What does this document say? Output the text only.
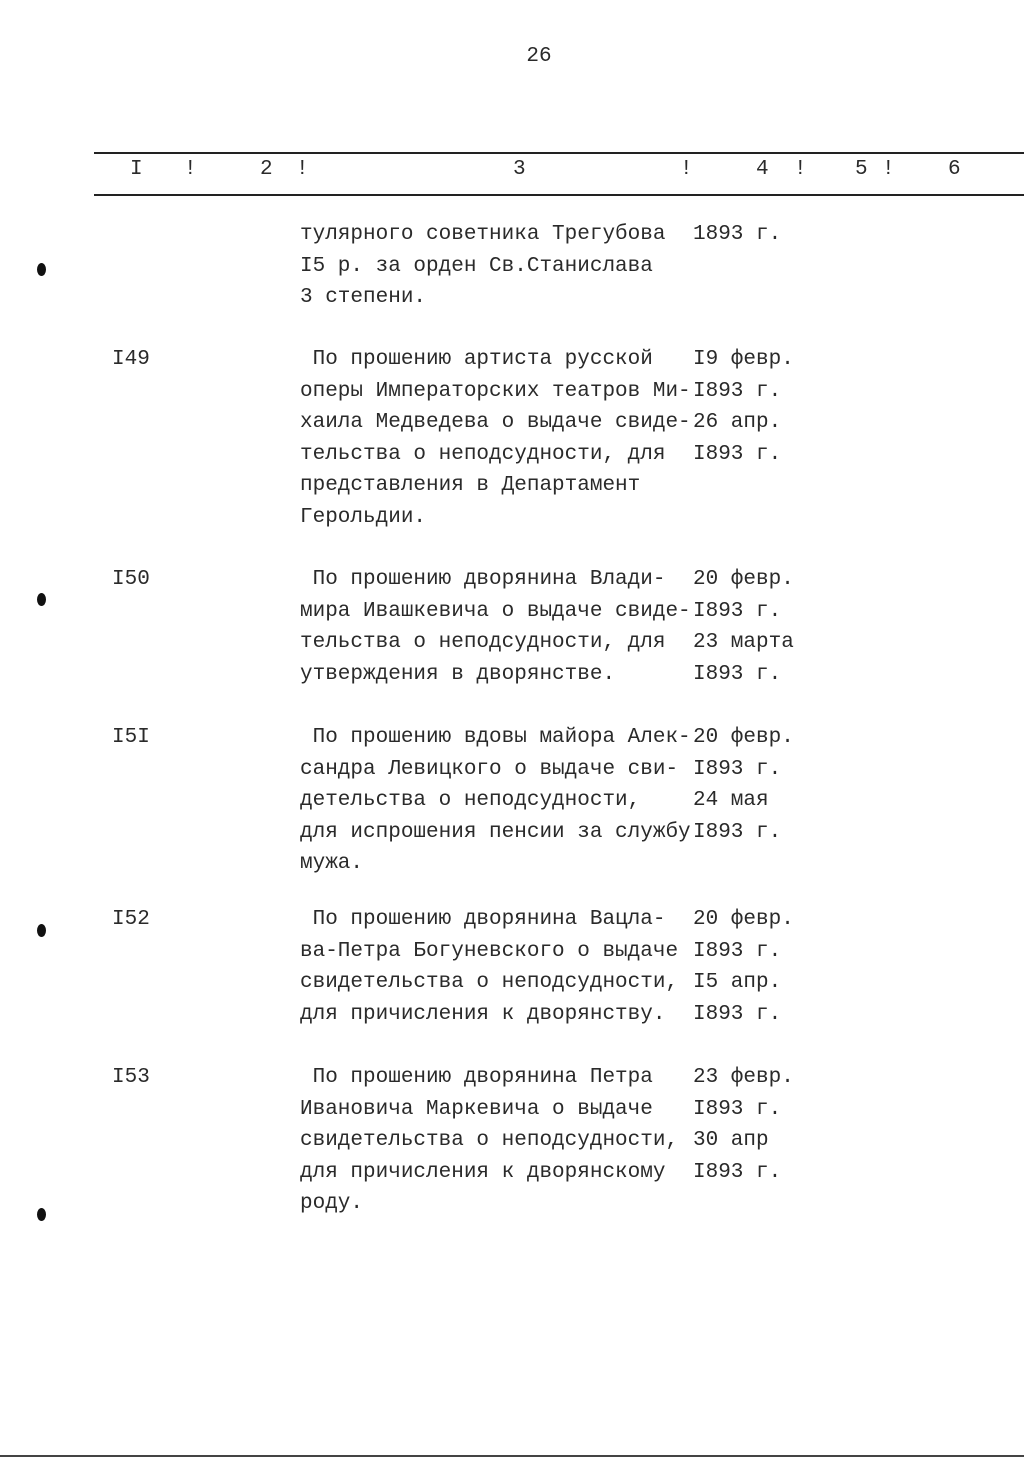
26
I !	2 !	3	!	4 ! 5 !	6
тулярного советника Трегубова 1893 г.
I5 р. за орден Св.Станислава
3 степени.
I49	По прошению артиста русской I9 февр.
оперы Императорских театров Ми- I893 г.
хаила Медведева о выдаче свиде- 26 апр.
тельства о неподсудности, для I893 г.
представления в Департамент
Герольдии.
I50	По прошению дворянина Влади- 20 февр.
мира Ивашкевича о выдаче свиде- I893 г.
тельства о неподсудности, для 23 марта
утверждения в дворянстве.	I893 г.
I5I	По прошению вдовы майора Алек- 20 февр.
сандра Левицкого о выдаче сви- I893 г.
детельства о неподсудности,	24 мая
для испрошения пенсии за службу I893 г.
мужа.
I52	По прошению дворянина Вацла- 20 февр.
ва-Петра Богуневского о выдаче I893 г.
свидетельства о неподсудности, I5 апр.
для причисления к дворянству. I893 г.
I53	По прошению дворянина Петра 23 февр.
Ивановича Маркевича о выдаче I893 г.
свидетельства о неподсудности, 30 апр
для причисления к дворянскому I893 г.
роду.
